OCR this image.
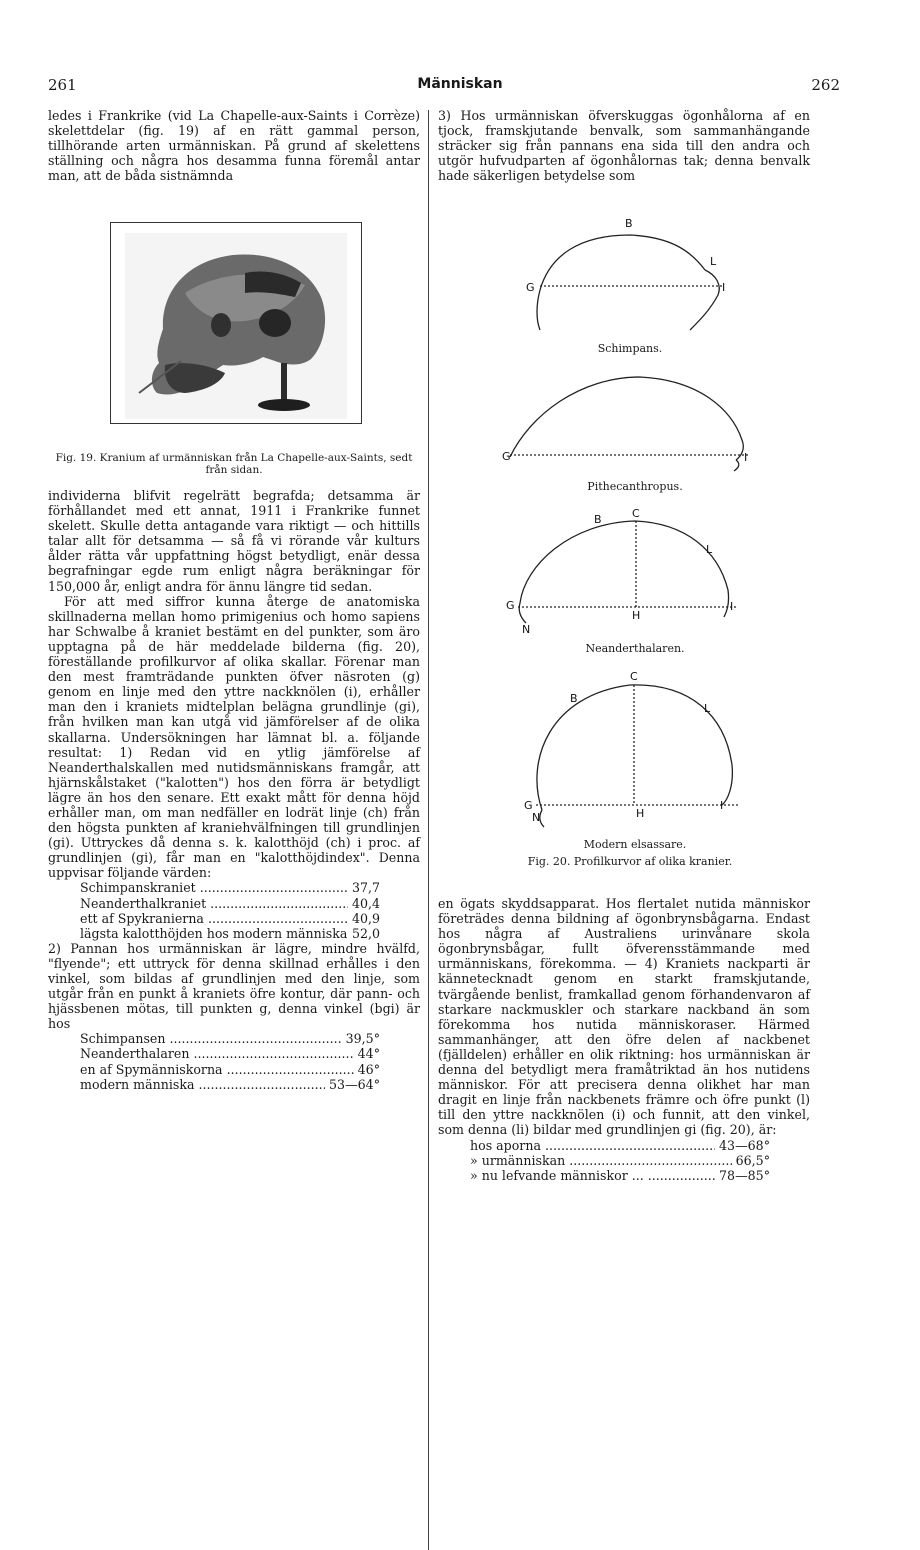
261	Människan	262

ledes i Frankrike (vid La Chapelle-aux-Saints i Corrèze) skelettdelar (fig. 19) af en rätt gammal person, tillhörande arten urmänniskan. På grund af skelettens ställning och några hos desamma funna föremål antar man, att de båda sistnämnda

Fig. 19. Kranium af urmänniskan från La Chapelle-aux-Saints, sedt från sidan.

individerna blifvit regelrätt begrafda; detsamma är förhållandet med ett annat, 1911 i Frankrike funnet skelett. Skulle detta antagande vara riktigt — och hittills talar allt för detsamma — så få vi rörande vår kulturs ålder rätta vår uppfattning högst betydligt, enär dessa begrafningar egde rum enligt några beräkningar för 150,000 år, enligt andra för ännu längre tid sedan.

För att med siffror kunna återge de anatomiska skillnaderna mellan homo primigenius och homo sapiens har Schwalbe å kraniet bestämt en del punkter, som äro upptagna på de här meddelade bilderna (fig. 20), föreställande profilkurvor af olika skallar. Förenar man den mest framträdande punkten öfver näsroten (g) genom en linje med den yttre nackknölen (i), erhåller man den i kraniets midtelplan belägna grundlinje (gi), från hvilken man kan utgå vid jämförelser af de olika skallarna. Undersökningen har lämnat bl. a. följande resultat: 1) Redan vid en ytlig jämförelse af Neanderthalskallen med nutidsmänniskans framgår, att hjärnskålstaket ("kalotten") hos den förra är betydligt lägre än hos den senare. Ett exakt mått för denna höjd erhåller man, om man nedfäller en lodrät linje (ch) från den högsta punkten af kraniehvälfningen till grundlinjen (gi). Uttryckes då denna s. k. kalotthöjd (ch) i proc. af grundlinjen (gi), får man en "kalotthöjdindex". Denna uppvisar följande värden:

Schimpanskraniet .....	37,7
Neanderthalkraniet .....	40,4
ett af Spykranierna .....	40,9
lägsta kalotthöjden hos modern människa ..... 52,0

2) Pannan hos urmänniskan är lägre, mindre hvälfd, "flyende"; ett uttryck för denna skillnad erhålles i den vinkel, som bildas af grundlinjen med den linje, som utgår från en punkt å kraniets öfre kontur, där pann- och hjässbenen mötas, till punkten g, denna vinkel (bgi) är hos

Schimpansen .....	39,5°
Neanderthalaren .....	44°
en af Spymänniskorna .....	46°
modern människa .....	53—64°

3) Hos urmänniskan öfverskuggas ögonhålorna af en tjock, framskjutande benvalk, som sammanhängande sträcker sig från pannans ena sida till den andra och utgör hufvudparten af ögonhålornas tak; denna benvalk hade säkerligen betydelse som

B
L
G	I
G	I
B	C
L
G
H
I
N
B
C
L
G
H
I
N
Schimpans.
Pithecanthropus.
Neanderthalaren.
Modern elsassare.
Fig. 20. Profilkurvor af olika kranier.

en ögats skyddsapparat. Hos flertalet nutida människor företrädes denna bildning af ögonbrynsbågarna. Endast hos några af Australiens urinvånare skola ögonbrynsbågar, fullt öfverensstämmande med urmänniskans, förekomma. — 4) Kraniets nackparti är kännetecknadt genom en starkt framskjutande, tvärgående benlist, framkallad genom förhandenvaron af starkare nackmuskler och starkare nackband än som förekomma hos nutida människoraser. Härmed sammanhänger, att den öfre delen af nackbenet (fjälldelen) erhåller en olik riktning: hos urmänniskan är denna del betydligt mera framåtriktad än hos nutidens människor. För att precisera denna olikhet har man dragit en linje från nackbenets främre och öfre punkt (l) till den yttre nackknölen (i) och funnit, att den vinkel, som denna (li) bildar med grundlinjen gi (fig. 20), är:

hos aporna .....	43—68°
» urmänniskan .....	66,5°
» nu lefvande människor ... .....	78—85°
